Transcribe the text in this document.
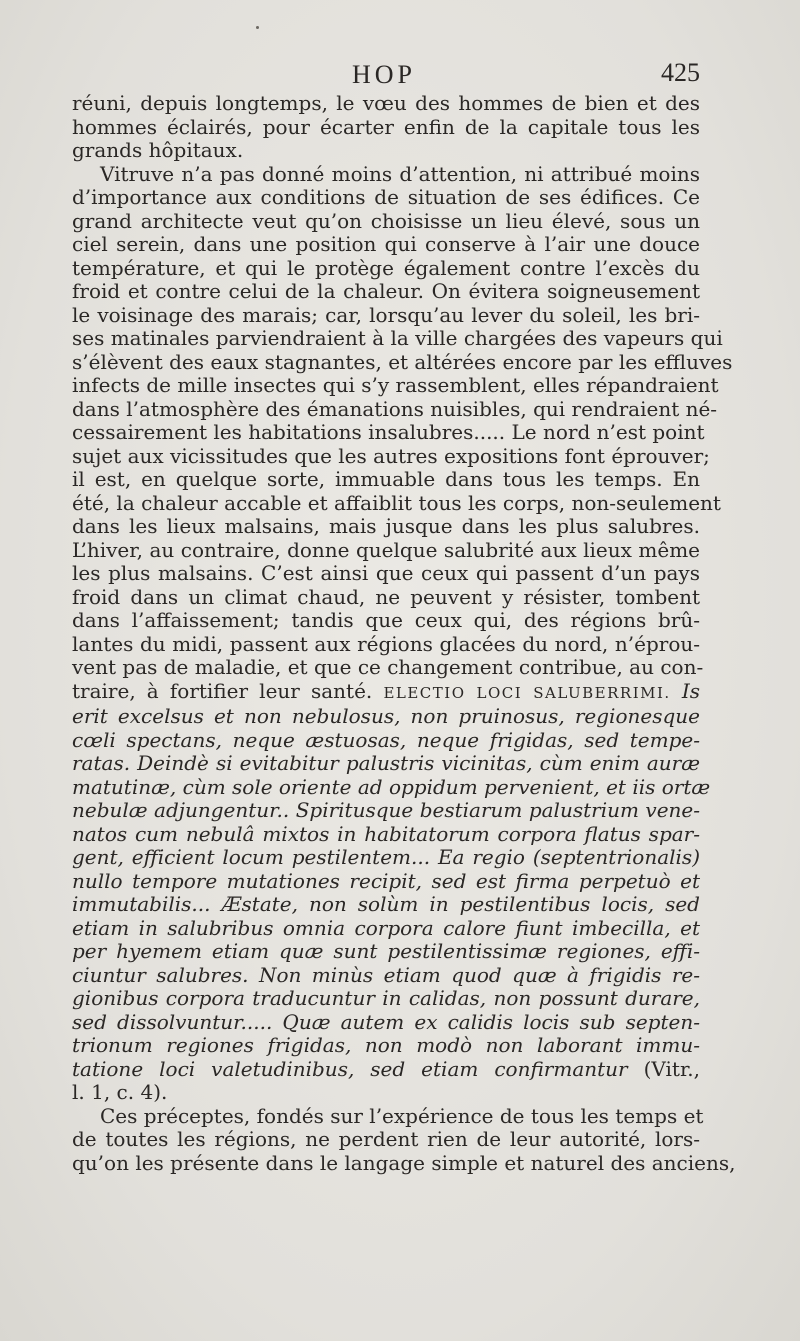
HOP	425
réuni, depuis longtemps, le vœu des hommes de bien et des
hommes éclairés, pour écarter enfin de la capitale tous les
grands hôpitaux.
Vitruve n’a pas donné moins d’attention, ni attribué moins
d’importance aux conditions de situation de ses édifices. Ce
grand architecte veut qu’on choisisse un lieu élevé, sous un
ciel serein, dans une position qui conserve à l’air une douce
température, et qui le protège également contre l’excès du
froid et contre celui de la chaleur. On évitera soigneusement
le voisinage des marais; car, lorsqu’au lever du soleil, les bri-
ses matinales parviendraient à la ville chargées des vapeurs qui
s’élèvent des eaux stagnantes, et altérées encore par les effluves
infects de mille insectes qui s’y rassemblent, elles répandraient
dans l’atmosphère des émanations nuisibles, qui rendraient né-
cessairement les habitations insalubres..... Le nord n’est point
sujet aux vicissitudes que les autres expositions font éprouver;
il est, en quelque sorte, immuable dans tous les temps. En
été, la chaleur accable et affaiblit tous les corps, non-seulement
dans les lieux malsains, mais jusque dans les plus salubres.
L’hiver, au contraire, donne quelque salubrité aux lieux même
les plus malsains. C’est ainsi que ceux qui passent d’un pays
froid dans un climat chaud, ne peuvent y résister, tombent
dans l’affaissement; tandis que ceux qui, des régions brû-
lantes du midi, passent aux régions glacées du nord, n’éprou-
vent pas de maladie, et que ce changement contribue, au con-
traire, à fortifier leur santé. ELECTIO LOCI SALUBERRIMI. Is
erit excelsus et non nebulosus, non pruinosus, regionesque
cœli spectans, neque æstuosas, neque frigidas, sed tempe-
ratas. Deindè si evitabitur palustris vicinitas, cùm enim auræ
matutinæ, cùm sole oriente ad oppidum pervenient, et iis ortæ
nebulæ adjungentur.. Spiritusque bestiarum palustrium vene-
natos cum nebulâ mixtos in habitatorum corpora flatus spar-
gent, efficient locum pestilentem... Ea regio (septentrionalis)
nullo tempore mutationes recipit, sed est firma perpetuò et
immutabilis... Æstate, non solùm in pestilentibus locis, sed
etiam in salubribus omnia corpora calore fiunt imbecilla, et
per hyemem etiam quæ sunt pestilentissimæ regiones, effi-
ciuntur salubres. Non minùs etiam quod quæ à frigidis re-
gionibus corpora traducuntur in calidas, non possunt durare,
sed dissolvuntur..... Quæ autem ex calidis locis sub septen-
trionum regiones frigidas, non modò non laborant immu-
tatione loci valetudinibus, sed etiam confirmantur (Vitr.,
l. 1, c. 4).
Ces préceptes, fondés sur l’expérience de tous les temps et
de toutes les régions, ne perdent rien de leur autorité, lors-
qu’on les présente dans le langage simple et naturel des anciens,
